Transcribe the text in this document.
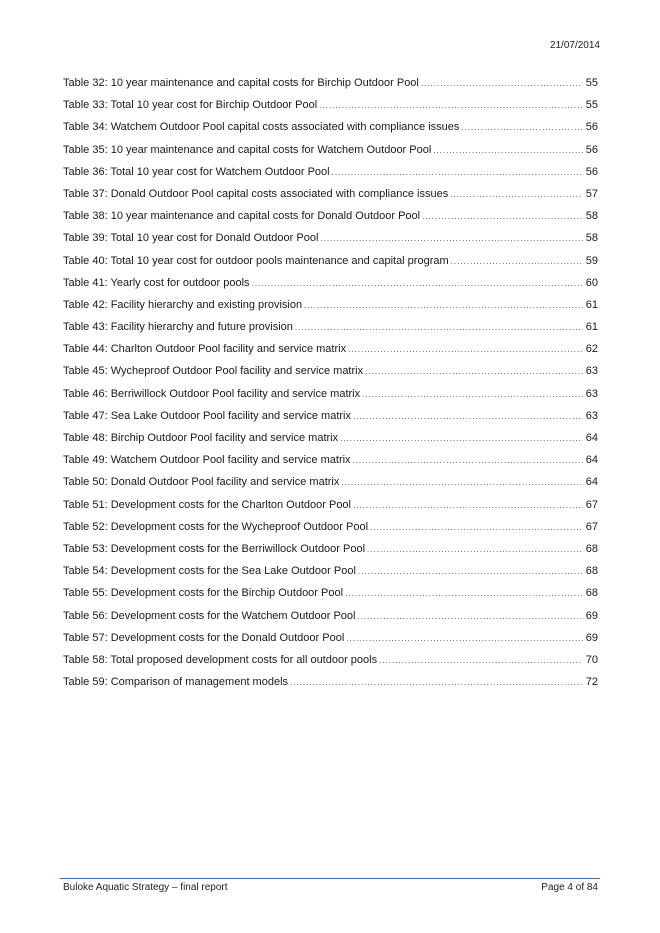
21/07/2014
Table 32: 10 year maintenance and capital costs for Birchip Outdoor Pool .....	55
Table 33: Total 10 year cost for Birchip Outdoor Pool .....	55
Table 34: Watchem Outdoor Pool capital costs associated with compliance issues .....	56
Table 35: 10 year maintenance and capital costs for Watchem Outdoor Pool .....	56
Table 36: Total 10 year cost for Watchem Outdoor Pool .....	56
Table 37: Donald Outdoor Pool capital costs associated with compliance issues .....	57
Table 38: 10 year maintenance and capital costs for Donald Outdoor Pool .....	58
Table 39: Total 10 year cost for Donald Outdoor Pool .....	58
Table 40: Total 10 year cost for outdoor pools maintenance and capital program .....	59
Table 41: Yearly cost for outdoor pools .....	60
Table 42: Facility hierarchy and existing provision .....	61
Table 43: Facility hierarchy and future provision .....	61
Table 44: Charlton Outdoor Pool facility and service matrix .....	62
Table 45: Wycheproof Outdoor Pool facility and service matrix .....	63
Table 46: Berriwillock Outdoor Pool facility and service matrix .....	63
Table 47: Sea Lake Outdoor Pool facility and service matrix .....	63
Table 48: Birchip Outdoor Pool facility and service matrix .....	64
Table 49: Watchem Outdoor Pool facility and service matrix .....	64
Table 50: Donald Outdoor Pool facility and service matrix .....	64
Table 51: Development costs for the Charlton Outdoor Pool .....	67
Table 52: Development costs for the Wycheproof Outdoor Pool .....	67
Table 53: Development costs for the Berriwillock Outdoor Pool .....	68
Table 54: Development costs for the Sea Lake Outdoor Pool .....	68
Table 55: Development costs for the Birchip Outdoor Pool .....	68
Table 56: Development costs for the Watchem Outdoor Pool .....	69
Table 57: Development costs for the Donald Outdoor Pool .....	69
Table 58: Total proposed development costs for all outdoor pools .....	70
Table 59: Comparison of management models .....	72
Buloke Aquatic Strategy – final report	Page 4 of 84
